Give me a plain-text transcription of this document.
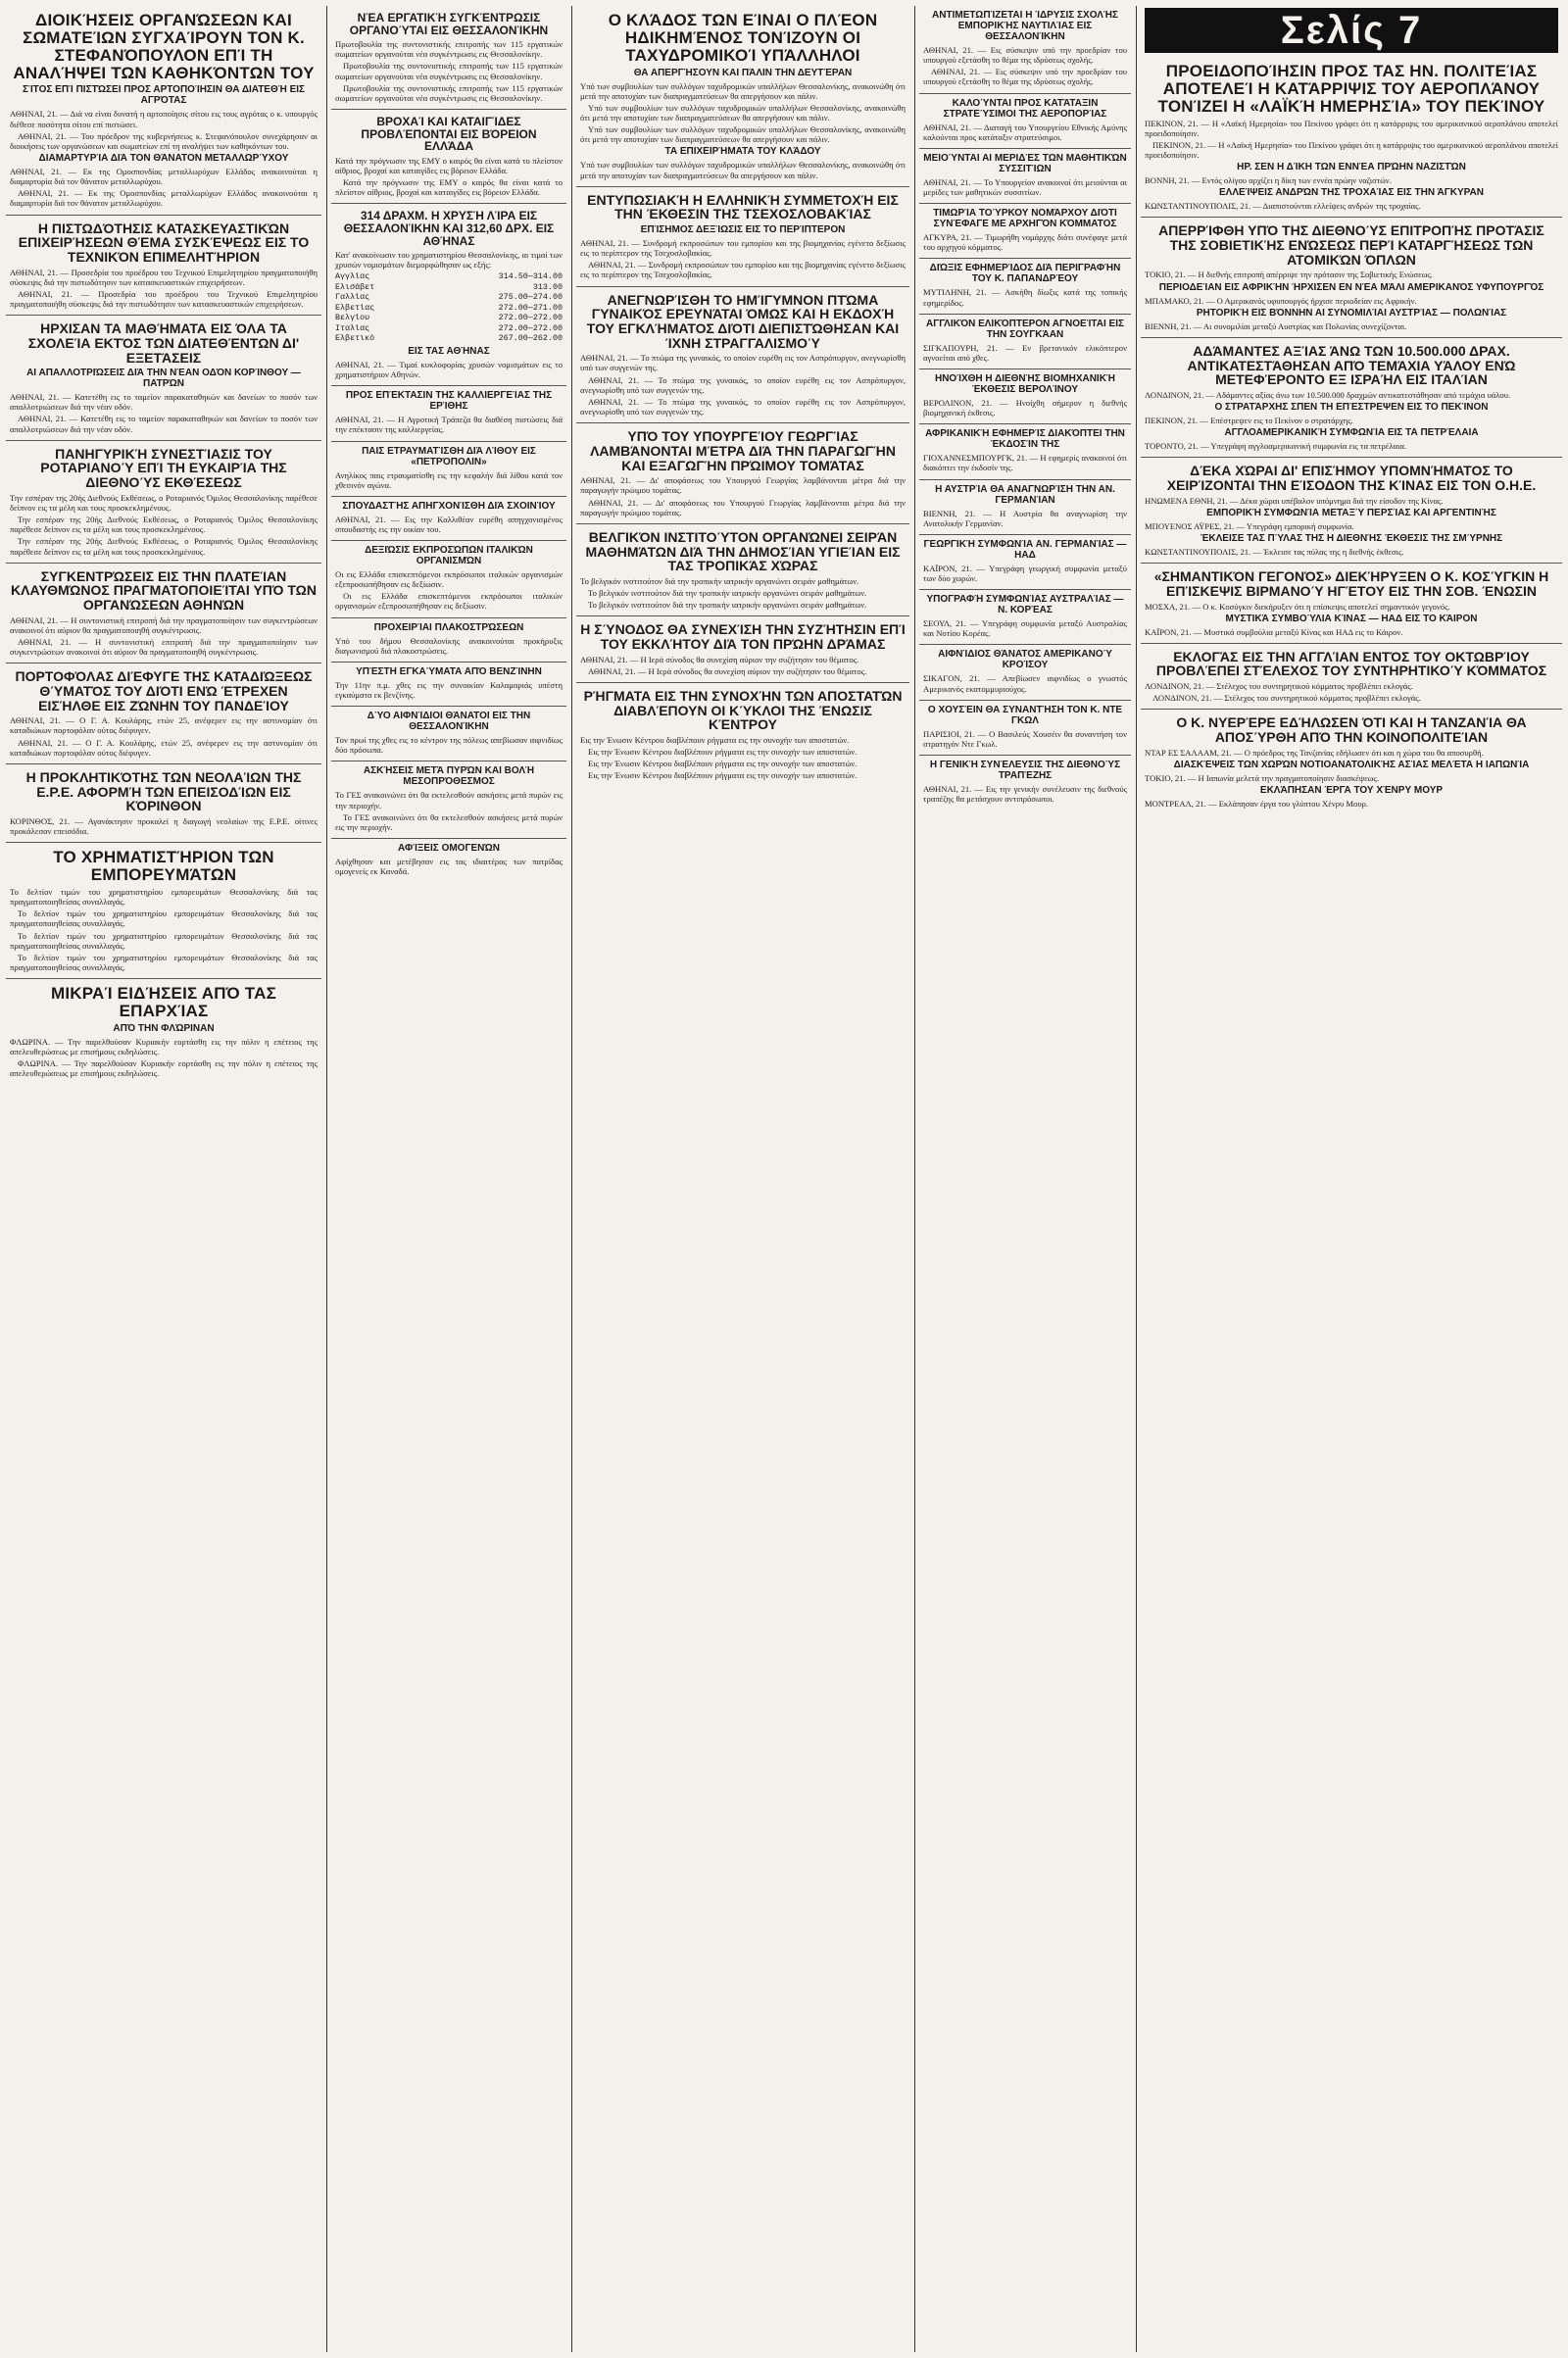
ΔΙΟΙΚΉΣΕΙΣ ΟΡΓΑΝΏΣΕΩΝ ΚΑΙ ΣΩΜΑΤΕΊΩΝ ΣΥΓΧΑΊΡΟΥΝ ΤΟΝ Κ. ΣΤΕΦΑΝΌΠΟΥΛΟΝ ΕΠΊ ΤΗ ΑΝΑΛΉΨΕΙ ΤΩΝ ΚΑΘΗΚΌΝΤΩΝ ΤΟΥ
ΣΊΤΟΣ ΕΠΊ ΠΙΣΤΏΣΕΙ ΠΡΟΣ ΑΡΤΟΠΟΊΗΣΙΝ ΘΑ ΔΙΑΤΕΘΉ ΕΙΣ ΑΓΡΌΤΑΣ

ΑΘΗΝΑΙ, 21. — Διά να είναι δυνατή η αρτοποίησις σίτου εις τους αγρότας ο κ. υπουργός διέθεσε ποσότητα σίτου επί πιστώσει.

ΑΘΗΝΑΙ, 21. — Του πρόεδρον της κυβερνήσεως κ. Στεφανόπουλον συνεχάρησαν αι διοικήσεις των οργανώσεων και σωματείων επί τη αναλήψει των καθηκόντων του.

ΔΙΑΜΑΡΤΥΡΊΑ ΔΙΆ ΤΟΝ ΘΆΝΑΤΟΝ ΜΕΤΑΛΛΩΡΎΧΟΥ

ΑΘΗΝΑΙ, 21. — Εκ της Ομοσπονδίας μεταλλωρύχων Ελλάδος ανακοινούται η διαμαρτυρία διά τον θάνατον μεταλλωρύχου.

ΑΘΗΝΑΙ, 21. — Εκ της Ομοσπονδίας μεταλλωρύχων Ελλάδος ανακοινούται η διαμαρτυρία διά τον θάνατον μεταλλωρύχου.

Η ΠΙΣΤΩΔΌΤΗΣΙΣ ΚΑΤΑΣΚΕΥΑΣΤΙΚΏΝ ΕΠΙΧΕΙΡΉΣΕΩΝ ΘΈΜΑ ΣΥΣΚΈΨΕΩΣ ΕΙΣ ΤΟ ΤΕΧΝΙΚΌΝ ΕΠΙΜΕΛΗΤΉΡΙΟΝ

ΑΘΗΝΑΙ, 21. — Προσεδρία του προέδρου του Τεχνικού Επιμελητηρίου πραγματοποιήθη σύσκεψις διά την πιστωδότησιν των κατασκευαστικών επιχειρήσεων.

ΑΘΗΝΑΙ, 21. — Προσεδρία του προέδρου του Τεχνικού Επιμελητηρίου πραγματοποιήθη σύσκεψις διά την πιστωδότησιν των κατασκευαστικών επιχειρήσεων.

ΗΡΧΙΣΑΝ ΤΑ ΜΑΘΉΜΑΤΑ ΕΙΣ ΌΛΑ ΤΑ ΣΧΟΛΕΊΑ ΕΚΤΌΣ ΤΩΝ ΔΙΑΤΕΘΈΝΤΩΝ ΔΙ' ΕΞΕΤΆΣΕΙΣ
ΑΙ ΑΠΑΛΛΟΤΡΙΏΣΕΙΣ ΔΙΆ ΤΗΝ ΝΈΑΝ ΟΔΌΝ ΚΟΡΊΝΘΟΥ — ΠΑΤΡΏΝ

ΑΘΗΝΑΙ, 21. — Κατετέθη εις το ταμείον παρακαταθηκών και δανείων το ποσόν των απαλλοτριώσεων διά την νέαν οδόν.

ΑΘΗΝΑΙ, 21. — Κατετέθη εις το ταμείον παρακαταθηκών και δανείων το ποσόν των απαλλοτριώσεων διά την νέαν οδόν.

ΠΑΝΗΓΥΡΙΚΉ ΣΥΝΕΣΤΊΑΣΙΣ ΤΟΥ ΡΟΤΑΡΙΑΝΟΎ ΕΠΊ ΤΗ ΕΥΚΑΙΡΊΑ ΤΗΣ ΔΙΕΘΝΟΎΣ ΕΚΘΈΣΕΩΣ

Την εσπέραν της 20ής Διεθνούς Εκθέσεως, ο Ροταριανός Όμιλος Θεσσαλονίκης παρέθεσε δείπνον εις τα μέλη και τους προσκεκλημένους.

Την εσπέραν της 20ής Διεθνούς Εκθέσεως, ο Ροταριανός Όμιλος Θεσσαλονίκης παρέθεσε δείπνον εις τα μέλη και τους προσκεκλημένους.

Την εσπέραν της 20ής Διεθνούς Εκθέσεως, ο Ροταριανός Όμιλος Θεσσαλονίκης παρέθεσε δείπνον εις τα μέλη και τους προσκεκλημένους.

ΣΥΓΚΕΝΤΡΏΣΕΙΣ ΕΙΣ ΤΗΝ ΠΛΑΤΕΊΑΝ ΚΛΑΥΘΜΏΝΟΣ ΠΡΑΓΜΑΤΟΠΟΙΕΊΤΑΙ ΥΠΌ ΤΩΝ ΟΡΓΑΝΏΣΕΩΝ ΑΘΗΝΏΝ

ΑΘΗΝΑΙ, 21. — Η συντονιστική επιτροπή διά την πραγματοποίησιν των συγκεντρώσεων ανακοινοί ότι αύριον θα πραγματοποιηθή συγκέντρωσις.

ΑΘΗΝΑΙ, 21. — Η συντονιστική επιτροπή διά την πραγματοποίησιν των συγκεντρώσεων ανακοινοί ότι αύριον θα πραγματοποιηθή συγκέντρωσις.

ΠΟΡΤΟΦΌΛΑΣ ΔΙΈΦΥΓΕ ΤΗΣ ΚΑΤΑΔΙΏΞΕΩΣ ΘΎΜΑΤΌΣ ΤΟΥ ΔΙΌΤΙ ΕΝΏ ΈΤΡΕΧΕΝ ΕΙΣΉΛΘΕ ΕΙΣ ΖΏΝΗΝ ΤΟΥ ΠΑΝΔΕΊΟΥ

ΑΘΗΝΑΙ, 21. — Ο Γ. Α. Κουλάρης, ετών 25, ανέφερεν εις την αστυνομίαν ότι καταδιώκων πορτοφόλαν ούτος διέφυγεν.

ΑΘΗΝΑΙ, 21. — Ο Γ. Α. Κουλάρης, ετών 25, ανέφερεν εις την αστυνομίαν ότι καταδιώκων πορτοφόλαν ούτος διέφυγεν.

Η ΠΡΟΚΛΗΤΙΚΌΤΗΣ ΤΩΝ ΝΕΟΛΑΊΩΝ ΤΗΣ Ε.Ρ.Ε. ΑΦΟΡΜΉ ΤΩΝ ΕΠΕΙΣΟΔΊΩΝ ΕΙΣ ΚΌΡΙΝΘΟΝ

ΚΟΡΙΝΘΟΣ, 21. — Αγανάκτησιν προκαλεί η διαγωγή νεολαίων της Ε.Ρ.Ε. οίτινες προκάλεσαν επεισόδια.

ΤΟ ΧΡΗΜΑΤΙΣΤΉΡΙΟΝ ΤΩΝ ΕΜΠΟΡΕΥΜΆΤΩΝ

Το δελτίον τιμών του χρηματιστηρίου εμπορευμάτων Θεσσαλονίκης διά τας πραγματοποιηθείσας συναλλαγάς.

Το δελτίον τιμών του χρηματιστηρίου εμπορευμάτων Θεσσαλονίκης διά τας πραγματοποιηθείσας συναλλαγάς.

Το δελτίον τιμών του χρηματιστηρίου εμπορευμάτων Θεσσαλονίκης διά τας πραγματοποιηθείσας συναλλαγάς.

Το δελτίον τιμών του χρηματιστηρίου εμπορευμάτων Θεσσαλονίκης διά τας πραγματοποιηθείσας συναλλαγάς.

ΜΙΚΡΑΊ ΕΙΔΉΣΕΙΣ ΑΠΌ ΤΑΣ ΕΠΑΡΧΊΑΣ
ΑΠΌ ΤΗΝ ΦΛΏΡΙΝΑΝ

ΦΛΩΡΙΝΑ. — Την παρελθούσαν Κυριακήν εορτάσθη εις την πόλιν η επέτειος της απελευθερώσεως με επισήμους εκδηλώσεις.

ΦΛΩΡΙΝΑ. — Την παρελθούσαν Κυριακήν εορτάσθη εις την πόλιν η επέτειος της απελευθερώσεως με επισήμους εκδηλώσεις.

ΝΈΑ ΕΡΓΑΤΙΚΉ ΣΥΓΚΈΝΤΡΩΣΙΣ ΟΡΓΑΝΟΎΤΑΙ ΕΙΣ ΘΕΣΣΑΛΟΝΊΚΗΝ

Πρωτοβουλία της συντονιστικής επιτροπής των 115 εργατικών σωματείων οργανούται νέα συγκέντρωσις εις Θεσσαλονίκην.

Πρωτοβουλία της συντονιστικής επιτροπής των 115 εργατικών σωματείων οργανούται νέα συγκέντρωσις εις Θεσσαλονίκην.

Πρωτοβουλία της συντονιστικής επιτροπής των 115 εργατικών σωματείων οργανούται νέα συγκέντρωσις εις Θεσσαλονίκην.

ΒΡΟΧΑΊ ΚΑΙ ΚΑΤΑΙΓΊΔΕΣ ΠΡΟΒΛΈΠΟΝΤΑΙ ΕΙΣ ΒΌΡΕΙΟΝ ΕΛΛΆΔΑ

Κατά την πρόγνωσιν της ΕΜΥ ο καιρός θα είναι κατά το πλείστον αίθριος, βροχαί και καταιγίδες εις βόρειον Ελλάδα.

Κατά την πρόγνωσιν της ΕΜΥ ο καιρός θα είναι κατά το πλείστον αίθριος, βροχαί και καταιγίδες εις βόρειον Ελλάδα.

314 ΔΡΑΧΜ. Η ΧΡΥΣΉ ΛΊΡΑ ΕΙΣ ΘΕΣΣΑΛΟΝΊΚΗΝ ΚΑΙ 312,60 ΔΡΧ. ΕΙΣ ΑΘΉΝΑΣ

Κατ' ανακοίνωσιν του χρηματιστηρίου Θεσσαλονίκης, αι τιμαί των χρυσών νομισμάτων διεμορφώθησαν ως εξής:

Αγγλίας	314.50—314.00
Ελισάβετ	313.00
Γαλλίας	275.00—274.00
Ελβετίας	272.00—271.00
Βελγίου	272.00—272.00
Ιταλίας	272.00—272.00
Ελβετικό	267.00—262.00
ΕΙΣ ΤΑΣ ΑΘΉΝΑΣ

ΑΘΗΝΑΙ, 21. — Τιμαί κυκλοφορίας χρυσών νομισμάτων εις το χρηματιστήριον Αθηνών.

ΠΡΟΣ ΕΠΈΚΤΑΣΙΝ ΤΗΣ ΚΑΛΛΙΕΡΓΕΊΑΣ ΤΗΣ ΕΡΊΘΗΣ

ΑΘΗΝΑΙ, 21. — Η Αγροτική Τράπεζα θα διαθέση πιστώσεις διά την επέκτασιν της καλλιεργείας.

ΠΑΙΣ ΕΤΡΑΥΜΑΤΊΣΘΗ ΔΙΆ ΛΊΘΟΥ ΕΙΣ «ΠΕΤΡΌΠΟΛΙΝ»

Ανηλίκος παις ετραυματίσθη εις την κεφαλήν διά λίθου κατά τον χθεσινόν αγώνα.

ΣΠΟΥΔΑΣΤΉΣ ΑΠΗΓΧΟΝΊΣΘΗ ΔΙΆ ΣΧΟΙΝΊΟΥ

ΑΘΗΝΑΙ, 21. — Εις την Καλλιθέαν ευρέθη απηγχονισμένος σπουδαστής εις την οικίαν του.

ΔΕΞΙΏΣΙΣ ΕΚΠΡΟΣΏΠΩΝ ΙΤΑΛΙΚΏΝ ΟΡΓΑΝΙΣΜΏΝ

Οι εις Ελλάδα επισκεπτόμενοι εκπρόσωποι ιταλικών οργανισμών εξεπροσωπήθησαν εις δεξίωσιν.

Οι εις Ελλάδα επισκεπτόμενοι εκπρόσωποι ιταλικών οργανισμών εξεπροσωπήθησαν εις δεξίωσιν.

ΠΡΟΧΕΙΡΊΑΙ ΠΛΑΚΟΣΤΡΏΣΕΩΝ

Υπό του δήμου Θεσσαλονίκης ανακοινούται προκήρυξις διαγωνισμού διά πλακοστρώσεις.

ΥΠΈΣΤΗ ΕΓΚΑΎΜΑΤΑ ΑΠΌ ΒΕΝΖΊΝΗΝ

Την 11ην π.μ. χθες εις την συνοικίαν Καλαμαριάς υπέστη εγκαύματα εκ βενζίνης.

ΔΎΟ ΑΙΦΝΊΔΙΟΙ ΘΆΝΑΤΟΙ ΕΙΣ ΤΗΝ ΘΕΣΣΑΛΟΝΊΚΗΝ

Τον πρωί της χθες εις το κέντρον της πόλεως απεβίωσαν αιφνιδίως δύο πρόσωπα.

ΑΣΚΉΣΕΙΣ ΜΕΤΆ ΠΥΡΏΝ ΚΑΙ ΒΟΛΉ ΜΕΣΟΠΡΌΘΕΣΜΟΣ

Το ΓΕΣ ανακοινώνει ότι θα εκτελεσθούν ασκήσεις μετά πυρών εις την περιοχήν.

Το ΓΕΣ ανακοινώνει ότι θα εκτελεσθούν ασκήσεις μετά πυρών εις την περιοχήν.

ΑΦΊΞΕΙΣ ΟΜΟΓΕΝΏΝ

Αφίχθησαν και μετέβησαν εις τας ιδιαιτέρας των πατρίδας ομογενείς εκ Καναδά.

Ο ΚΛΆΔΟΣ ΤΩΝ ΕΊΝΑΙ Ο ΠΛΈΟΝ ΗΔΙΚΗΜΈΝΟΣ ΤΟΝΊΖΟΥΝ ΟΙ ΤΑΧΥΔΡΟΜΙΚΟΊ ΥΠΆΛΛΗΛΟΙ
ΘΑ ΑΠΕΡΓΉΣΟΥΝ ΚΑΙ ΠΆΛΙΝ ΤΗΝ ΔΕΥΤΈΡΑΝ

Υπό των συμβουλίων των συλλόγων ταχυδρομικών υπαλλήλων Θεσσαλονίκης, ανακοινώθη ότι μετά την αποτυχίαν των διαπραγματεύσεων θα απεργήσουν και πάλιν.

Υπό των συμβουλίων των συλλόγων ταχυδρομικών υπαλλήλων Θεσσαλονίκης, ανακοινώθη ότι μετά την αποτυχίαν των διαπραγματεύσεων θα απεργήσουν και πάλιν.

Υπό των συμβουλίων των συλλόγων ταχυδρομικών υπαλλήλων Θεσσαλονίκης, ανακοινώθη ότι μετά την αποτυχίαν των διαπραγματεύσεων θα απεργήσουν και πάλιν.

ΤΑ ΕΠΙΧΕΙΡΉΜΑΤΑ ΤΟΥ ΚΛΆΔΟΥ

Υπό των συμβουλίων των συλλόγων ταχυδρομικών υπαλλήλων Θεσσαλονίκης, ανακοινώθη ότι μετά την αποτυχίαν των διαπραγματεύσεων θα απεργήσουν και πάλιν.

ΕΝΤΥΠΩΣΙΑΚΉ Η ΕΛΛΗΝΙΚΉ ΣΥΜΜΕΤΟΧΉ ΕΙΣ ΤΗΝ ΈΚΘΕΣΙΝ ΤΗΣ ΤΣΕΧΟΣΛΟΒΑΚΊΑΣ
ΕΠΊΣΗΜΟΣ ΔΕΞΊΩΣΙΣ ΕΙΣ ΤΟ ΠΕΡΊΠΤΕΡΟΝ

ΑΘΗΝΑΙ, 21. — Συνδρομή εκπροσώπων του εμπορίου και της βιομηχανίας εγένετο δεξίωσις εις το περίπτερον της Τσεχοσλοβακίας.

ΑΘΗΝΑΙ, 21. — Συνδρομή εκπροσώπων του εμπορίου και της βιομηχανίας εγένετο δεξίωσις εις το περίπτερον της Τσεχοσλοβακίας.

ΑΝΕΓΝΩΡΊΣΘΗ ΤΟ ΗΜΊΓΥΜΝΟΝ ΠΤΏΜΑ ΓΥΝΑΙΚΌΣ ΕΡΕΥΝΆΤΑΙ ΌΜΩΣ ΚΑΙ Η ΕΚΔΟΧΉ ΤΟΥ ΕΓΚΛΉΜΑΤΟΣ ΔΙΌΤΙ ΔΙΕΠΙΣΤΏΘΗΣΑΝ ΚΑΙ ΊΧΝΗ ΣΤΡΑΓΓΑΛΙΣΜΟΎ

ΑΘΗΝΑΙ, 21. — Το πτώμα της γυναικός, το οποίον ευρέθη εις τον Ασπρόπυργον, ανεγνωρίσθη υπό των συγγενών της.

ΑΘΗΝΑΙ, 21. — Το πτώμα της γυναικός, το οποίον ευρέθη εις τον Ασπρόπυργον, ανεγνωρίσθη υπό των συγγενών της.

ΑΘΗΝΑΙ, 21. — Το πτώμα της γυναικός, το οποίον ευρέθη εις τον Ασπρόπυργον, ανεγνωρίσθη υπό των συγγενών της.

ΥΠΌ ΤΟΥ ΥΠΟΥΡΓΕΊΟΥ ΓΕΩΡΓΊΑΣ ΛΑΜΒΆΝΟΝΤΑΙ ΜΈΤΡΑ ΔΙΆ ΤΗΝ ΠΑΡΑΓΩΓΉΝ ΚΑΙ ΕΞΑΓΩΓΉΝ ΠΡΏΙΜΟΥ ΤΟΜΆΤΑΣ

ΑΘΗΝΑΙ, 21. — Δι' αποφάσεως του Υπουργού Γεωργίας λαμβάνονται μέτρα διά την παραγωγήν πρώιμου τομάτας.

ΑΘΗΝΑΙ, 21. — Δι' αποφάσεως του Υπουργού Γεωργίας λαμβάνονται μέτρα διά την παραγωγήν πρώιμου τομάτας.

ΒΕΛΓΙΚΌΝ ΙΝΣΤΙΤΟΎΤΟΝ ΟΡΓΑΝΏΝΕΙ ΣΕΙΡΆΝ ΜΑΘΗΜΆΤΩΝ ΔΙΆ ΤΗΝ ΔΗΜΟΣΊΑΝ ΥΓΙΕΊΑΝ ΕΙΣ ΤΑΣ ΤΡΟΠΙΚΆΣ ΧΏΡΑΣ

Το βελγικόν ινστιτούτον διά την τροπικήν ιατρικήν οργανώνει σειράν μαθημάτων.

Το βελγικόν ινστιτούτον διά την τροπικήν ιατρικήν οργανώνει σειράν μαθημάτων.

Το βελγικόν ινστιτούτον διά την τροπικήν ιατρικήν οργανώνει σειράν μαθημάτων.

Η ΣΎΝΟΔΟΣ ΘΑ ΣΥΝΕΧΊΣΗ ΤΗΝ ΣΥΖΉΤΗΣΙΝ ΕΠΊ ΤΟΥ ΕΚΚΛΉΤΟΥ ΔΙΆ ΤΟΝ ΠΡΏΗΝ ΔΡΆΜΑΣ

ΑΘΗΝΑΙ, 21. — Η Ιερά σύνοδος θα συνεχίση αύριον την συζήτησιν του θέματος.

ΑΘΗΝΑΙ, 21. — Η Ιερά σύνοδος θα συνεχίση αύριον την συζήτησιν του θέματος.

ΡΉΓΜΑΤΑ ΕΙΣ ΤΗΝ ΣΥΝΟΧΉΝ ΤΩΝ ΑΠΟΣΤΑΤΏΝ ΔΙΑΒΛΈΠΟΥΝ ΟΙ ΚΎΚΛΟΙ ΤΗΣ ΈΝΩΣΙΣ ΚΈΝΤΡΟΥ

Εις την Ένωσιν Κέντρου διαβλέπουν ρήγματα εις την συνοχήν των αποστατών.

Εις την Ένωσιν Κέντρου διαβλέπουν ρήγματα εις την συνοχήν των αποστατών.

Εις την Ένωσιν Κέντρου διαβλέπουν ρήγματα εις την συνοχήν των αποστατών.

Εις την Ένωσιν Κέντρου διαβλέπουν ρήγματα εις την συνοχήν των αποστατών.

ΑΝΤΙΜΕΤΩΠΊΖΕΤΑΙ Η ΊΔΡΥΣΙΣ ΣΧΟΛΉΣ ΕΜΠΟΡΙΚΉΣ ΝΑΥΤΙΛΊΑΣ ΕΙΣ ΘΕΣΣΑΛΟΝΊΚΗΝ

ΑΘΗΝΑΙ, 21. — Εις σύσκεψιν υπό την προεδρίαν του υπουργού εξετάσθη το θέμα της ιδρύσεως σχολής.

ΑΘΗΝΑΙ, 21. — Εις σύσκεψιν υπό την προεδρίαν του υπουργού εξετάσθη το θέμα της ιδρύσεως σχολής.

ΚΑΛΟΎΝΤΑΙ ΠΡΟΣ ΚΑΤΆΤΑΞΙΝ ΣΤΡΑΤΕΎΣΙΜΟΙ ΤΗΣ ΑΕΡΟΠΟΡΊΑΣ

ΑΘΗΝΑΙ, 21. — Διαταγή του Υπουργείου Εθνικής Αμύνης καλούνται προς κατάταξιν στρατεύσιμοι.

ΜΕΙΟΎΝΤΑΙ ΑΙ ΜΕΡΙΔΈΣ ΤΩΝ ΜΑΘΗΤΙΚΏΝ ΣΥΣΣΙΤΊΩΝ

ΑΘΗΝΑΙ, 21. — Το Υπουργείον ανακοινοί ότι μειούνται αι μερίδες των μαθητικών συσσιτίων.

ΤΙΜΩΡΊΑ ΤΟΎΡΚΟΥ ΝΟΜΆΡΧΟΥ ΔΙΌΤΙ ΣΥΝΈΦΑΓΕ ΜΕ ΑΡΧΗΓΌΝ ΚΌΜΜΑΤΟΣ

ΑΓΚΥΡΑ, 21. — Τιμωρήθη νομάρχης διότι συνέφαγε μετά του αρχηγού κόμματος.

ΔΙΏΞΙΣ ΕΦΗΜΕΡΊΔΟΣ ΔΙΆ ΠΕΡΙΓΡΑΦΉΝ ΤΟΥ Κ. ΠΑΠΑΝΔΡΈΟΥ

ΜΥΤΙΛΗΝΗ, 21. — Ασκήθη δίωξις κατά της τοπικής εφημερίδος.

ΑΓΓΛΙΚΌΝ ΕΛΙΚΌΠΤΕΡΟΝ ΑΓΝΟΕΊΤΑΙ ΕΙΣ ΤΗΝ ΣΟΥΓΚΆΑΝ

ΣΙΓΚΑΠΟΥΡΗ, 21. — Εν βρετανικόν ελικόπτερον αγνοείται από χθες.

ΗΝΟΊΧΘΗ Η ΔΙΕΘΝΉΣ ΒΙΟΜΗΧΑΝΙΚΉ ΈΚΘΕΣΙΣ ΒΕΡΟΛΊΝΟΥ

ΒΕΡΟΛΙΝΟΝ, 21. — Ηνοίχθη σήμερον η διεθνής βιομηχανική έκθεσις.

ΑΦΡΙΚΑΝΙΚΉ ΕΦΗΜΕΡΊΣ ΔΙΑΚΌΠΤΕΙ ΤΗΝ ΈΚΔΟΣΊΝ ΤΗΣ

ΓΙΟΧΑΝΝΕΣΜΠΟΥΡΓΚ, 21. — Η εφημερίς ανακοινοί ότι διακόπτει την έκδοσίν της.

Η ΑΥΣΤΡΊΑ ΘΑ ΑΝΑΓΝΩΡΊΣΗ ΤΗΝ ΑΝ. ΓΕΡΜΑΝΊΑΝ

ΒΙΕΝΝΗ, 21. — Η Αυστρία θα αναγνωρίση την Ανατολικήν Γερμανίαν.

ΓΕΩΡΓΙΚΉ ΣΥΜΦΩΝΊΑ ΑΝ. ΓΕΡΜΑΝΊΑΣ — ΗΑΔ

ΚΑΪΡΟΝ, 21. — Υπεγράφη γεωργική συμφωνία μεταξύ των δύο χωρών.

ΥΠΟΓΡΑΦΉ ΣΥΜΦΩΝΊΑΣ ΑΥΣΤΡΑΛΊΑΣ — Ν. ΚΟΡΈΑΣ

ΣΕΟΥΛ, 21. — Υπεγράφη συμφωνία μεταξύ Αυστραλίας και Νοτίου Κορέας.

ΑΙΦΝΊΔΙΟΣ ΘΆΝΑΤΟΣ ΑΜΕΡΙΚΑΝΟΎ ΚΡΟΊΣΟΥ

ΣΙΚΑΓΟΝ, 21. — Απεβίωσεν αιφνιδίως ο γνωστός Αμερικανός εκατομμυριούχος.

Ο ΧΟΥΣΈΙΝ ΘΑ ΣΥΝΑΝΤΉΣΗ ΤΟΝ Κ. ΝΤΕ ΓΚΩΛ

ΠΑΡΙΣΙΟΙ, 21. — Ο Βασιλεύς Χουσέιν θα συναντήση τον στρατηγόν Ντε Γκωλ.

Η ΓΕΝΙΚΉ ΣΥΝΈΛΕΥΣΙΣ ΤΗΣ ΔΙΕΘΝΟΎΣ ΤΡΑΠΈΖΗΣ

ΑΘΗΝΑΙ, 21. — Εις την γενικήν συνέλευσιν της διεθνούς τραπέζης θα μετάσχουν αντιπρόσωποι.

Σελίς 7
ΠΡΟΕΙΔΟΠΟΊΗΣΙΝ ΠΡΟΣ ΤΑΣ ΗΝ. ΠΟΛΙΤΕΊΑΣ ΑΠΟΤΕΛΕΊ Η ΚΑΤΆΡΡΙΨΙΣ ΤΟΥ ΑΕΡΟΠΛΆΝΟΥ ΤΟΝΊΖΕΙ Η «ΛΑΪΚΉ ΗΜΕΡΗΣΊΑ» ΤΟΥ ΠΕΚΊΝΟΥ

ΠΕΚΙΝΟΝ, 21. — Η «Λαϊκή Ημερησία» του Πεκίνου γράφει ότι η κατάρριψις του αμερικανικού αεροπλάνου αποτελεί προειδοποίησιν.

ΠΕΚΙΝΟΝ, 21. — Η «Λαϊκή Ημερησία» του Πεκίνου γράφει ότι η κατάρριψις του αμερικανικού αεροπλάνου αποτελεί προειδοποίησιν.

ΗΡ. ΣΕΝ Η ΔΊΚΗ ΤΩΝ ΕΝΝΈΑ ΠΡΏΗΝ ΝΑΖΙΣΤΏΝ

ΒΟΝΝΗ, 21. — Εντός ολίγου αρχίζει η δίκη των εννέα πρώην ναζιστών.

ΕΛΛΕΊΨΕΙΣ ΑΝΔΡΏΝ ΤΗΣ ΤΡΟΧΑΊΑΣ ΕΙΣ ΤΗΝ ΆΓΚΥΡΑΝ

ΚΩΝΣΤΑΝΤΙΝΟΥΠΟΛΙΣ, 21. — Διαπιστούνται ελλείψεις ανδρών της τροχαίας.

ΑΠΕΡΡΊΦΘΗ ΥΠΌ ΤΗΣ ΔΙΕΘΝΟΎΣ ΕΠΙΤΡΟΠΉΣ ΠΡΟΤΆΣΙΣ ΤΗΣ ΣΟΒΙΕΤΙΚΉΣ ΕΝΏΣΕΩΣ ΠΕΡΊ ΚΑΤΑΡΓΉΣΕΩΣ ΤΩΝ ΑΤΟΜΙΚΏΝ ΌΠΛΩΝ

ΤΟΚΙΟ, 21. — Η διεθνής επιτροπή απέρριψε την πρότασιν της Σοβιετικής Ενώσεως.

ΠΕΡΙΟΔΕΊΑΝ ΕΙΣ ΑΦΡΙΚΉΝ ΉΡΧΙΣΕΝ ΕΝ ΝΈΑ ΜΆΛΙ ΑΜΕΡΙΚΑΝΌΣ ΥΦΥΠΟΥΡΓΌΣ

ΜΠΑΜΑΚΟ, 21. — Ο Αμερικανός υφυπουργός ήρχισε περιοδείαν εις Αφρικήν.

ΡΗΤΟΡΙΚΉ ΕΙΣ ΒΌΝΝΗΝ ΑΙ ΣΥΝΟΜΙΛΊΑΙ ΑΥΣΤΡΊΑΣ — ΠΟΛΩΝΊΑΣ

ΒΙΕΝΝΗ, 21. — Αι συνομιλίαι μεταξύ Αυστρίας και Πολωνίας συνεχίζονται.

ΑΔΆΜΑΝΤΕΣ ΑΞΊΑΣ ΆΝΩ ΤΩΝ 10.500.000 ΔΡΑΧ. ΑΝΤΙΚΑΤΕΣΤΆΘΗΣΑΝ ΑΠΌ ΤΕΜΆΧΙΑ ΥΆΛΟΥ ΕΝΏ ΜΕΤΕΦΈΡΟΝΤΟ ΕΞ ΙΣΡΑΉΛ ΕΙΣ ΙΤΑΛΊΑΝ

ΛΟΝΔΙΝΟΝ, 21. — Αδάμαντες αξίας άνω των 10.500.000 δραχμών αντικατεστάθησαν από τεμάχια υάλου.

Ο ΣΤΡΑΤΆΡΧΗΣ ΣΠΕΝ ΤΗ ΕΠΈΣΤΡΕΨΕΝ ΕΙΣ ΤΟ ΠΕΚΊΝΟΝ

ΠΕΚΙΝΟΝ, 21. — Επέστρεψεν εις το Πεκίνον ο στρατάρχης.

ΑΓΓΛΟΑΜΕΡΙΚΑΝΙΚΉ ΣΥΜΦΩΝΊΑ ΕΙΣ ΤΑ ΠΕΤΡΈΛΑΙΑ

ΤΟΡΟΝΤΟ, 21. — Υπεγράφη αγγλοαμερικανική συμφωνία εις τα πετρέλαια.

ΔΈΚΑ ΧΏΡΑΙ ΔΙ' ΕΠΙΣΉΜΟΥ ΥΠΟΜΝΉΜΑΤΟΣ ΤΟ ΧΕΙΡΊΖΟΝΤΑΙ ΤΗΝ ΕΊΣΟΔΟΝ ΤΗΣ ΚΊΝΑΣ ΕΙΣ ΤΟΝ Ο.Η.Ε.

ΗΝΩΜΕΝΑ ΕΘΝΗ, 21. — Δέκα χώραι υπέβαλον υπόμνημα διά την είσοδον της Κίνας.

ΕΜΠΟΡΙΚΉ ΣΥΜΦΩΝΊΑ ΜΕΤΑΞΎ ΠΕΡΣΊΑΣ ΚΑΙ ΑΡΓΕΝΤΙΝΉΣ

ΜΠΟΥΕΝΟΣ ΑΫΡΕΣ, 21. — Υπεγράφη εμπορική συμφωνία.

ΈΚΛΕΙΣΕ ΤΑΣ ΠΎΛΑΣ ΤΗΣ Η ΔΙΕΘΝΉΣ ΈΚΘΕΣΙΣ ΤΗΣ ΣΜΎΡΝΗΣ

ΚΩΝΣΤΑΝΤΙΝΟΥΠΟΛΙΣ, 21. — Έκλεισε τας πύλας της η διεθνής έκθεσις.

«ΣΗΜΑΝΤΙΚΌΝ ΓΕΓΟΝΌΣ» ΔΙΕΚΉΡΥΞΕΝ Ο Κ. ΚΟΣΎΓΚΙΝ Η ΕΠΊΣΚΕΨΙΣ ΒΙΡΜΑΝΟΎ ΗΓΈΤΟΥ ΕΙΣ ΤΗΝ ΣΟΒ. ΈΝΩΣΙΝ

ΜΟΣΧΑ, 21. — Ο κ. Κοσύγκιν διεκήρυξεν ότι η επίσκεψις αποτελεί σημαντικόν γεγονός.

ΜΥΣΤΙΚΆ ΣΥΜΒΟΎΛΙΑ ΚΊΝΑΣ — ΗΑΔ ΕΙΣ ΤΟ ΚΆΙΡΟΝ

ΚΑΪΡΟΝ, 21. — Μυστικά συμβούλια μεταξύ Κίνας και ΗΑΔ εις το Κάιρον.

ΕΚΛΟΓΆΣ ΕΙΣ ΤΗΝ ΑΓΓΛΊΑΝ ΕΝΤΌΣ ΤΟΥ ΟΚΤΩΒΡΊΟΥ ΠΡΟΒΛΈΠΕΙ ΣΤΈΛΕΧΟΣ ΤΟΥ ΣΥΝΤΗΡΗΤΙΚΟΎ ΚΌΜΜΑΤΟΣ

ΛΟΝΔΙΝΟΝ, 21. — Στέλεχος του συντηρητικού κόμματος προβλέπει εκλογάς.

ΛΟΝΔΙΝΟΝ, 21. — Στέλεχος του συντηρητικού κόμματος προβλέπει εκλογάς.

Ο Κ. ΝΥΕΡΈΡΕ ΕΔΉΛΩΣΕΝ ΌΤΙ ΚΑΙ Η ΤΑΝΖΑΝΊΑ ΘΑ ΑΠΟΣΎΡΘΗ ΑΠΌ ΤΗΝ ΚΟΙΝΟΠΟΛΙΤΕΊΑΝ

ΝΤΑΡ ΕΣ ΣΑΛΑΑΜ, 21. — Ο πρόεδρος της Τανζανίας εδήλωσεν ότι και η χώρα του θα αποσυρθή.

ΔΙΑΣΚΈΨΕΙΣ ΤΩΝ ΧΩΡΏΝ ΝΟΤΙΟΑΝΑΤΟΛΙΚΉΣ ΑΣΊΑΣ ΜΕΛΈΤΑ Η ΙΑΠΩΝΊΑ

ΤΟΚΙΟ, 21. — Η Ιαπωνία μελετά την πραγματοποίησιν διασκέψεως.

ΕΚΛΆΠΗΣΑΝ ΈΡΓΑ ΤΟΥ ΧΈΝΡΥ ΜΟΥΡ

ΜΟΝΤΡΕΑΛ, 21. — Εκλάπησαν έργα του γλύπτου Χένρυ Μουρ.
